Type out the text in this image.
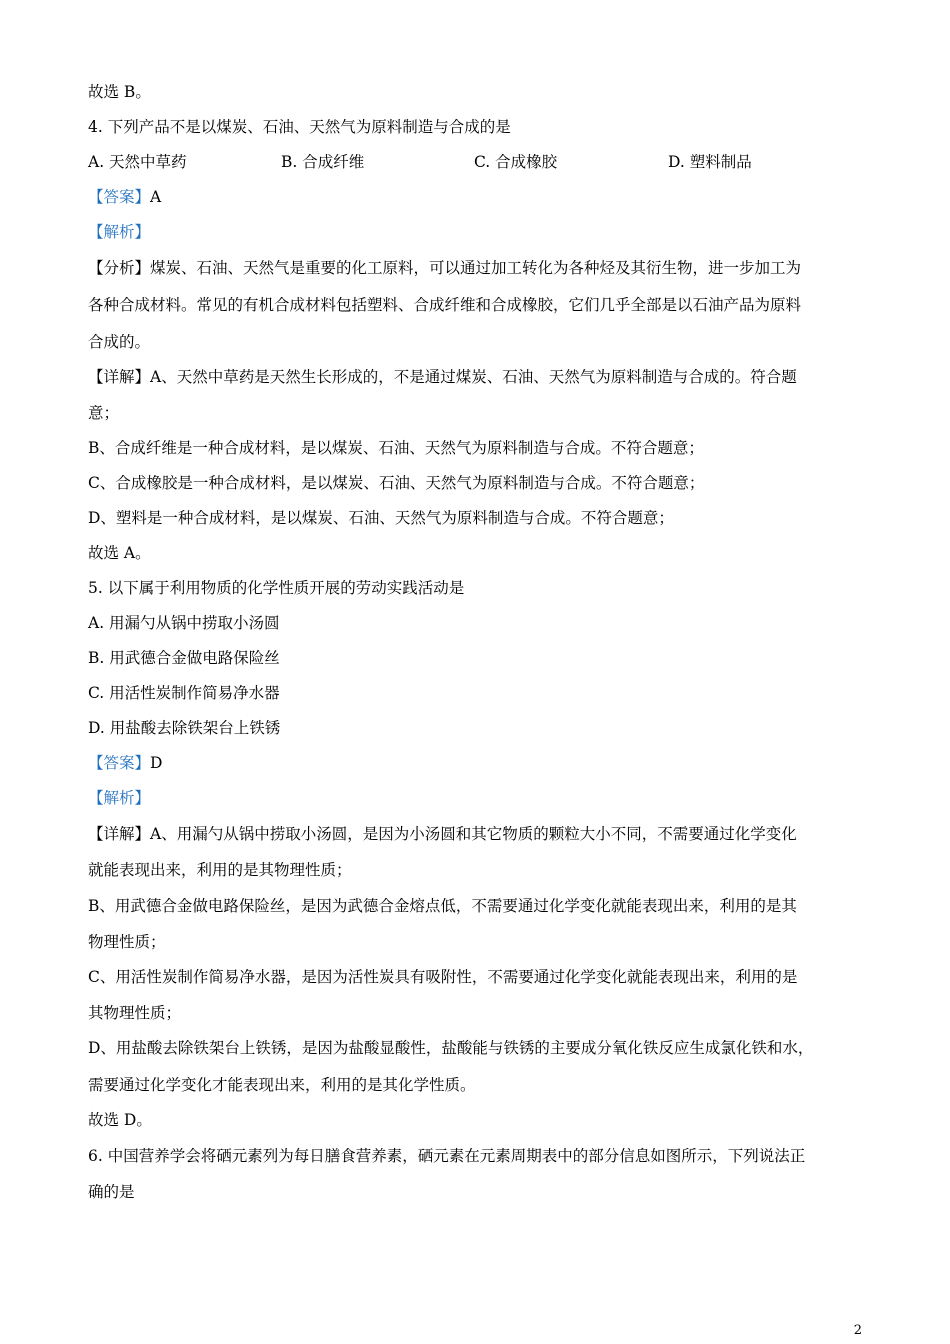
故选 B。
4. 下列产品不是以煤炭、石油、天然气为原料制造与合成的是
A. 天然中草药	B. 合成纤维	C. 合成橡胶	D. 塑料制品
【答案】A
【解析】
【分析】煤炭、石油、天然气是重要的化工原料，可以通过加工转化为各种烃及其衍生物，进一步加工为
各种合成材料。常见的有机合成材料包括塑料、合成纤维和合成橡胶，它们几乎全部是以石油产品为原料
合成的。
【详解】A、天然中草药是天然生长形成的，不是通过煤炭、石油、天然气为原料制造与合成的。符合题
意；
B、合成纤维是一种合成材料，是以煤炭、石油、天然气为原料制造与合成。不符合题意；
C、合成橡胶是一种合成材料，是以煤炭、石油、天然气为原料制造与合成。不符合题意；
D、塑料是一种合成材料，是以煤炭、石油、天然气为原料制造与合成。不符合题意；
故选 A。
5. 以下属于利用物质的化学性质开展的劳动实践活动是
A. 用漏勺从锅中捞取小汤圆
B. 用武德合金做电路保险丝
C. 用活性炭制作简易净水器
D. 用盐酸去除铁架台上铁锈
【答案】D
【解析】
【详解】A、用漏勺从锅中捞取小汤圆，是因为小汤圆和其它物质的颗粒大小不同，不需要通过化学变化
就能表现出来，利用的是其物理性质；
B、用武德合金做电路保险丝，是因为武德合金熔点低，不需要通过化学变化就能表现出来，利用的是其
物理性质；
C、用活性炭制作简易净水器，是因为活性炭具有吸附性，不需要通过化学变化就能表现出来，利用的是
其物理性质；
D、用盐酸去除铁架台上铁锈，是因为盐酸显酸性，盐酸能与铁锈的主要成分氧化铁反应生成氯化铁和水，
需要通过化学变化才能表现出来，利用的是其化学性质。
故选 D。
6. 中国营养学会将硒元素列为每日膳食营养素，硒元素在元素周期表中的部分信息如图所示，下列说法正
确的是
2
